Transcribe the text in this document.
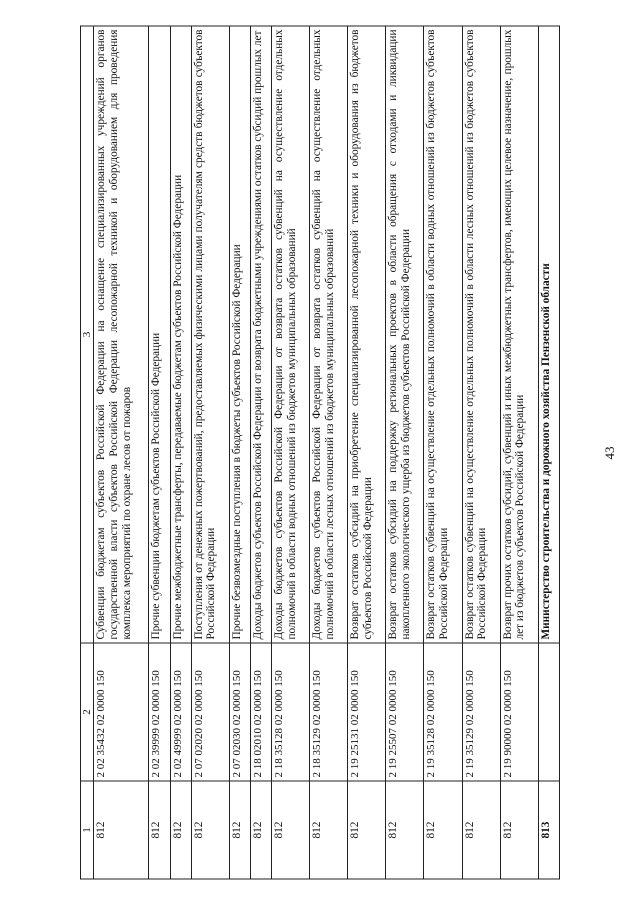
43
1	2	3
812	2 02 35432 02 0000 150	Субвенции бюджетам субъектов Российской Федерации на оснащение специализированных учреждений органов государственной власти субъектов Российской Федерации лесопожарной техникой и оборудованием для проведения комплекса мероприятий по охране лесов от пожаров
812	2 02 39999 02 0000 150	Прочие субвенции бюджетам субъектов Российской Федерации
812	2 02 49999 02 0000 150	Прочие межбюджетные трансферты, передаваемые бюджетам субъектов Российской Федерации
812	2 07 02020 02 0000 150	Поступления от денежных пожертвований, предоставляемых физическими лицами получателям средств бюджетов субъектов Российской Федерации
812	2 07 02030 02 0000 150	Прочие безвозмездные поступления в бюджеты субъектов Российской Федерации
812	2 18 02010 02 0000 150	Доходы бюджетов субъектов Российской Федерации от возврата бюджетными учреждениями остатков субсидий прошлых лет
812	2 18 35128 02 0000 150	Доходы бюджетов субъектов Российской Федерации от возврата остатков субвенций на осуществление отдельных полномочий в области водных отношений из бюджетов муниципальных образований
812	2 18 35129 02 0000 150	Доходы бюджетов субъектов Российской Федерации от возврата остатков субвенций на осуществление отдельных полномочий в области лесных отношений из бюджетов муниципальных образований
812	2 19 25131 02 0000 150	Возврат остатков субсидий на приобретение специализированной лесопожарной техники и оборудования из бюджетов субъектов Российской Федерации
812	2 19 25507 02 0000 150	Возврат остатков субсидий на поддержку региональных проектов в области обращения с отходами и ликвидации накопленного экологического ущерба из бюджетов субъектов Российской Федерации
812	2 19 35128 02 0000 150	Возврат остатков субвенций на осуществление отдельных полномочий в области водных отношений из бюджетов субъектов Российской Федерации
812	2 19 35129 02 0000 150	Возврат остатков субвенций на осуществление отдельных полномочий в области лесных отношений из бюджетов субъектов Российской Федерации
812	2 19 90000 02 0000 150	Возврат прочих остатков субсидий, субвенций и иных межбюджетных трансфертов, имеющих целевое назначение, прошлых лет из бюджетов субъектов Российской Федерации
813		Министерство строительства и дорожного хозяйства Пензенской области
